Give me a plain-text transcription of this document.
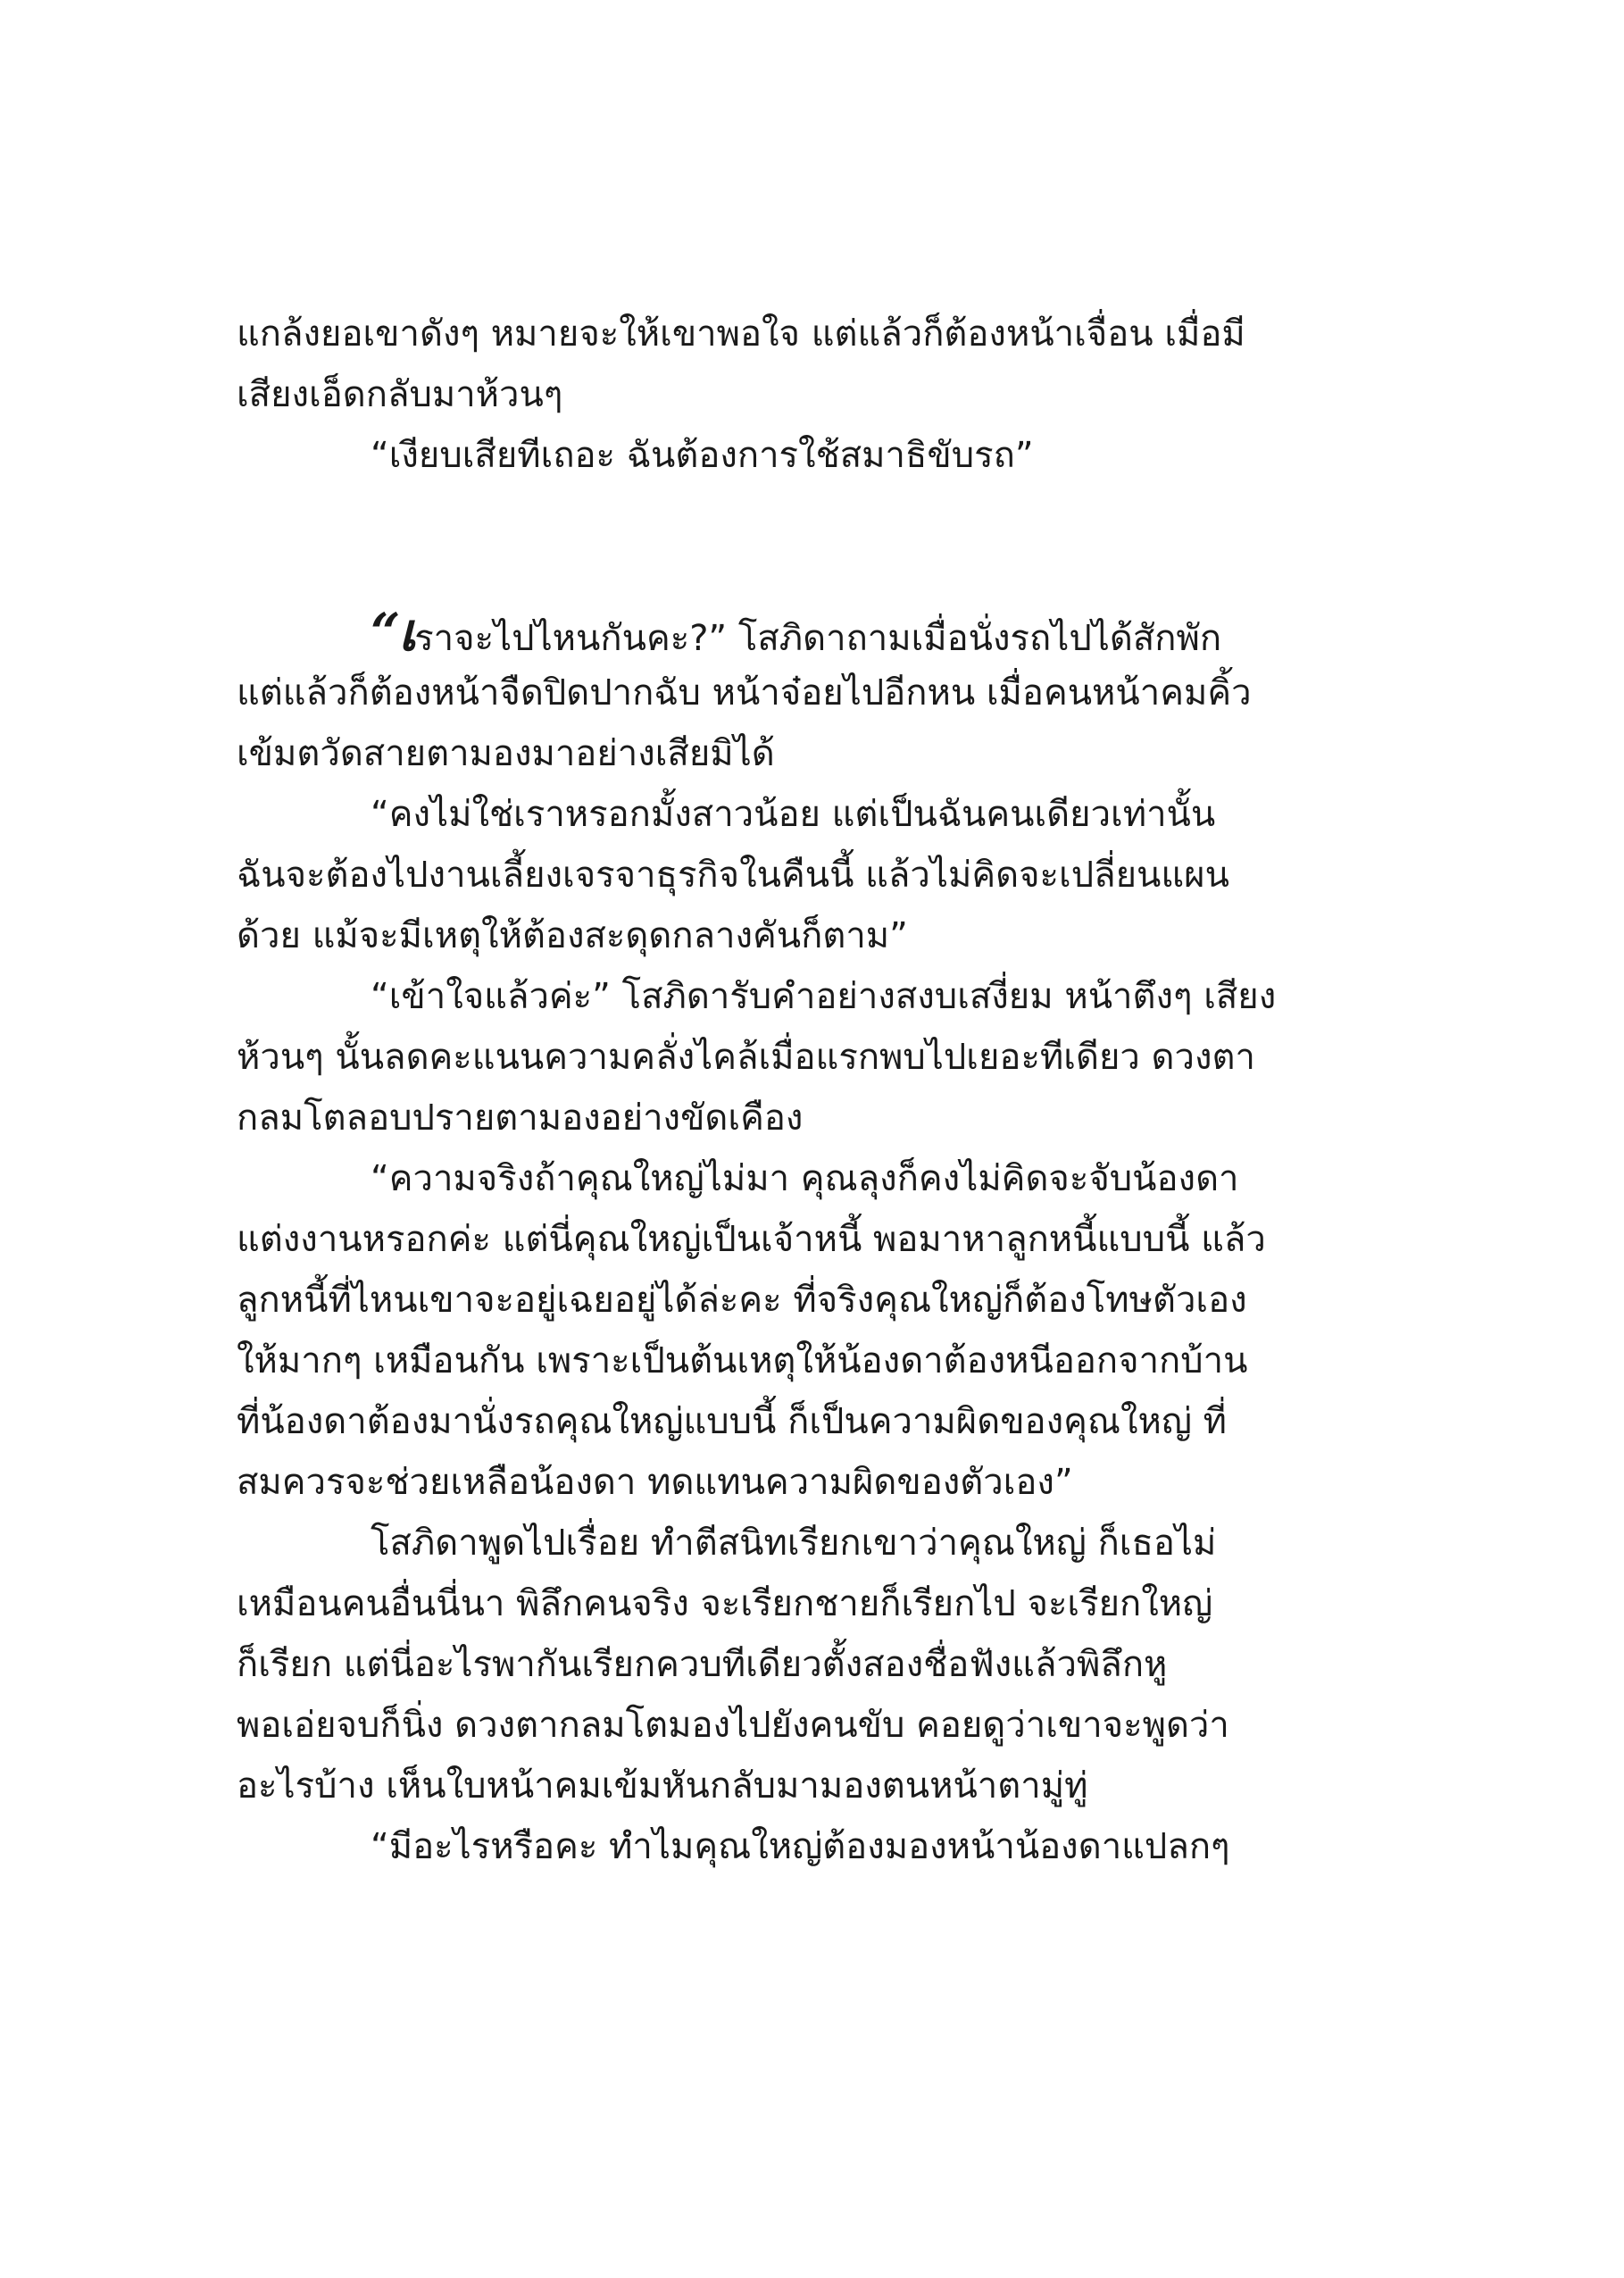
แกล้งยอเขาดังๆ หมายจะให้เขาพอใจ แต่แล้วก็ต้องหน้าเจื่อน เมื่อมี
เสียงเอ็ดกลับมาห้วนๆ

“เงียบเสียทีเถอะ ฉันต้องการใช้สมาธิขับรถ”

“เราจะไปไหนกันคะ?” โสภิดาถามเมื่อนั่งรถไปได้สักพัก
แต่แล้วก็ต้องหน้าจืดปิดปากฉับ หน้าจ๋อยไปอีกหน เมื่อคนหน้าคมคิ้ว
เข้มตวัดสายตามองมาอย่างเสียมิได้

“คงไม่ใช่เราหรอกมั้งสาวน้อย แต่เป็นฉันคนเดียวเท่านั้น
ฉันจะต้องไปงานเลี้ยงเจรจาธุรกิจในคืนนี้ แล้วไม่คิดจะเปลี่ยนแผน
ด้วย แม้จะมีเหตุให้ต้องสะดุดกลางคันก็ตาม”

“เข้าใจแล้วค่ะ” โสภิดารับคำอย่างสงบเสงี่ยม หน้าตึงๆ เสียง
ห้วนๆ นั้นลดคะแนนความคลั่งไคล้เมื่อแรกพบไปเยอะทีเดียว ดวงตา
กลมโตลอบปรายตามองอย่างขัดเคือง

“ความจริงถ้าคุณใหญ่ไม่มา คุณลุงก็คงไม่คิดจะจับน้องดา
แต่งงานหรอกค่ะ แต่นี่คุณใหญ่เป็นเจ้าหนี้ พอมาหาลูกหนี้แบบนี้ แล้ว
ลูกหนี้ที่ไหนเขาจะอยู่เฉยอยู่ได้ล่ะคะ ที่จริงคุณใหญ่ก็ต้องโทษตัวเอง
ให้มากๆ เหมือนกัน เพราะเป็นต้นเหตุให้น้องดาต้องหนีออกจากบ้าน
ที่น้องดาต้องมานั่งรถคุณใหญ่แบบนี้ ก็เป็นความผิดของคุณใหญ่ ที่
สมควรจะช่วยเหลือน้องดา ทดแทนความผิดของตัวเอง”

โสภิดาพูดไปเรื่อย ทำตีสนิทเรียกเขาว่าคุณใหญ่ ก็เธอไม่
เหมือนคนอื่นนี่นา พิลึกคนจริง จะเรียกชายก็เรียกไป จะเรียกใหญ่
ก็เรียก แต่นี่อะไรพากันเรียกควบทีเดียวตั้งสองชื่อฟังแล้วพิลึกหู
พอเอ่ยจบก็นิ่ง ดวงตากลมโตมองไปยังคนขับ คอยดูว่าเขาจะพูดว่า
อะไรบ้าง เห็นใบหน้าคมเข้มหันกลับมามองตนหน้าตามู่ทู่

“มีอะไรหรือคะ ทำไมคุณใหญ่ต้องมองหน้าน้องดาแปลกๆ
